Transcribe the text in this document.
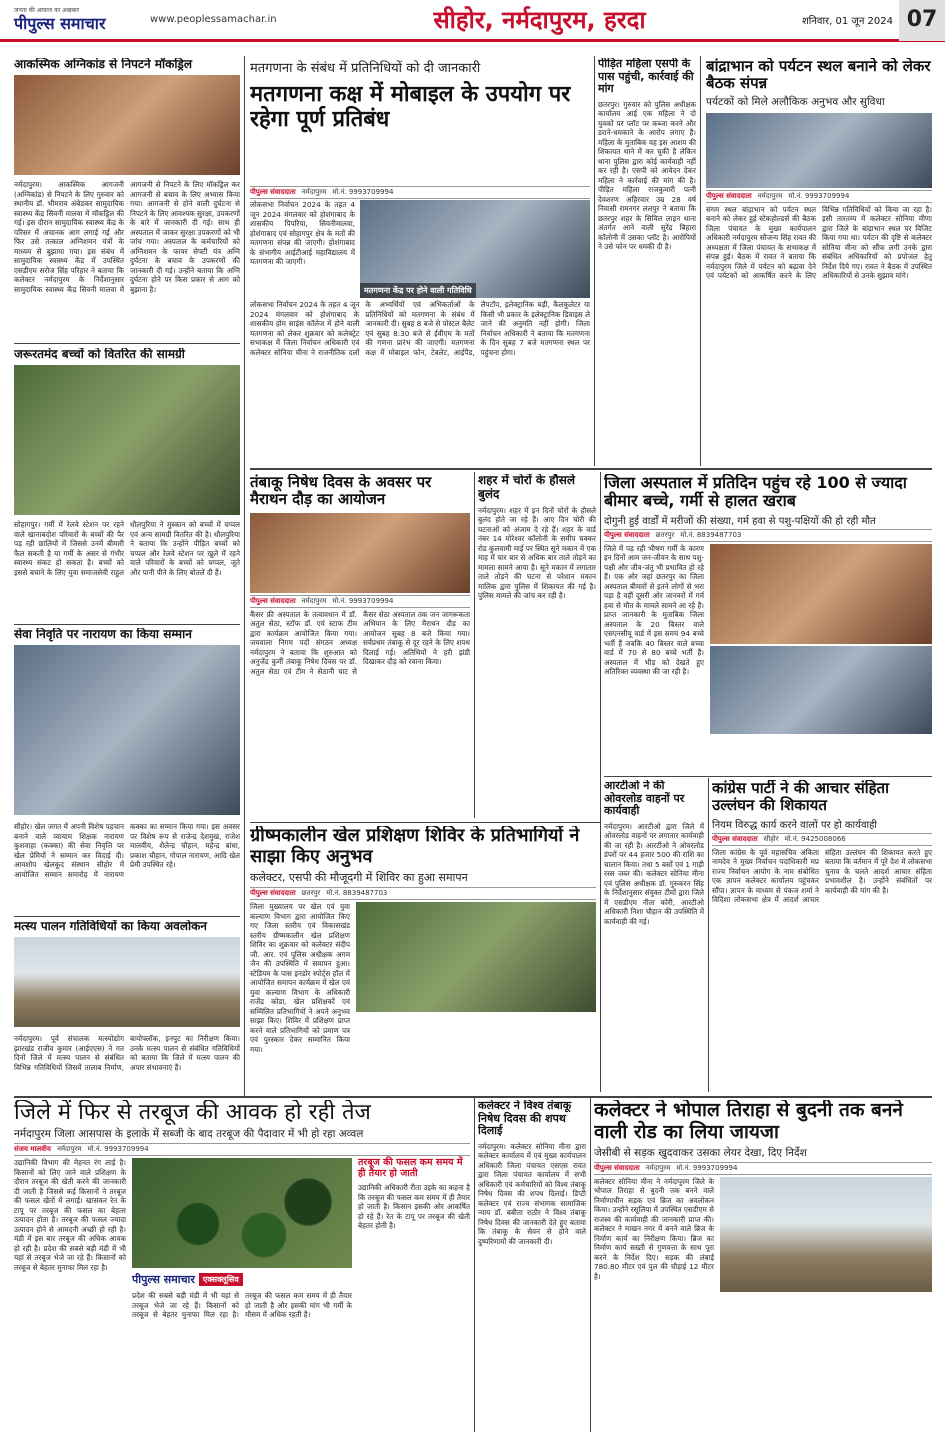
जनता की आवाज का अखबार
पीपुल्स समाचार	www.peoplessamachar.in	सीहोर, नर्मदापुरम, हरदा	शनिवार, 01 जून 2024 07
आकस्मिक अग्निकांड से निपटने मॉकड्रिल
नर्मदापुरम। आकस्मिक आगजनी (अग्निकांड) से निपटने के लिए गुरुवार को स्थानीय डॉ. भीमराव अंबेडकर सामुदायिक स्वास्थ्य केंद्र सिवनी मालवा में मॉकड्रिल की गई। इस दौरान सामुदायिक स्वास्थ्य केंद्र के परिसर में अचानक आग लगाई गई और फिर उसे तत्काल अग्निशमन यंत्रों के माध्यम से बुझाया गया। इस संबंध में सामुदायिक स्वास्थ्य केंद्र में उपस्थित एसडीएम सरोज सिंह परिहार ने बताया कि कलेक्टर नर्मदापुरम के निर्देशानुसार सामुदायिक स्वास्थ्य केंद्र सिवनी मालवा में आगजनी से निपटने के लिए मॉकड्रिल कर आगजनी से बचाव के लिए अभ्यास किया गया। आगजनी से होने वाली दुर्घटना से निपटने के लिए आवश्यक सुरक्षा, उपकरणों के बारे में जानकारी दी गई। साथ ही अस्पताल में जाकर सुरक्षा उपकरणों को भी जांच गया। अस्पताल के कर्मचारियों को अग्निशमन के फायर सेफ्टी यंत्र अग्नि दुर्घटना के बचाव के उपकरणों की जानकारी दी गई। उन्होंने बताया कि अग्नि दुर्घटना होने पर किस प्रकार से आग को बुझाना है।
जरूरतमंद बच्चों को वितरित की सामग्री
सोहागपुर। गर्मी में रेलवे स्टेशन पर रहने वाले खानाबदोश परिवारों के बच्चों की पैर पड़ रही छालियों में जिससे उनमें बीमारी फैल सकती है या गर्मी के असर से गंभीर स्वास्थ्य संकट हो सकता है। बच्चों को इससे बचाने के लिए युवा समाजसेवी राहुल धौलपुरिया ने मुस्कान को बच्चों में चप्पल एवं अन्य सामग्री वितरित की है। धौलपुरिया ने बताया कि उन्होंने पीड़ित बच्चों को चप्पल और रेलवे स्टेशन पर खुले में रहने वाले परिवारों के बच्चों को चप्पल, जूते और पानी पीने के लिए बोतलें दी हैं।
सेवा निवृति पर नारायण का किया सम्मान
सीहोर। खेल जगत में अपनी विशेष पहचान बनाने वाले व्यायाम शिक्षक नारायण कुशवाहा (कक्का) की सेवा निवृत्ति पर खेल प्रेमियों ने सम्मान कर विदाई दी। आयशोप खेलकूद संस्थान सीहोर में आयोजित सम्मान समारोह में नारायण कक्का का सम्मान किया गया। इस अवसर पर विशेष रूप से राजेन्द्र देशमुख, राजेश मालवीय, शैलेन्द्र चौहान, महेन्द्र बांधा, प्रकाश चौहान, गोपाल नारायण, आदि खेल प्रेमी उपस्थित रहे।
मत्स्य पालन गतिविधियों का किया अवलोकन
नर्मदापुरम। पूर्व संचालक मत्स्योद्योग झारखंड राजीव कुमार (आईएएस) ने गत दिनों जिले में मत्स्य पालन से संबंधित विभिन्न गतिविधियों जिसमें तालाब निर्माण, बायोफ्लॉक, इनपुट का निरीक्षण किया। उनके मत्स्य पालन से संबंधित गतिविधियों को बताया कि जिले में मत्स्य पालन की अपार संभावनाएं हैं।
मतगणना के संबंध में प्रतिनिधियों को दी जानकारी
मतगणना कक्ष में मोबाइल के उपयोग पर रहेगा पूर्ण प्रतिबंध
पीपुल्स संवाददाता नर्मदापुरम मो.नं. 9993709994
मतगणना केंद्र पर होने वाली गतिविधि
लोकसभा निर्वाचन 2024 के तहत 4 जून 2024 मंगलवार को होशंगाबाद के शासकीय होम साइंस कॉलेज में होने वाली मतगणना को लेकर शुक्रवार को कलेक्ट्रेट सभाकक्ष में जिला निर्वाचन अधिकारी एवं कलेक्टर सोनिया मीना ने राजनीतिक दलों के अभ्यर्थियों एवं अभिकर्ताओं के प्रतिनिधियों को मतगणना के संबंध में जानकारी दी। सुबह 8 बजे से पोस्टल बैलेट एवं सुबह 8:30 बजे से ईवीएम के मतों की गणना प्रारंभ की जाएगी। मतगणना कक्ष में मोबाइल फोन, टेबलेट, आईपैड, लैपटॉप, इलेक्ट्रानिक घड़ी, कैलकुलेटर या किसी भी प्रकार के इलेक्ट्रानिक डिवाइस ले जाने की अनुमति नहीं होगी। जिला निर्वाचन अधिकारी ने बताया कि मतगणना के दिन सुबह 7 बजे मतगणना स्थल पर पहुंचना होगा।
लोकसभा निर्वाचन 2024 के तहत 4 जून 2024 मंगलवार को होशंगाबाद के शासकीय पिपरिया, सिवनीमालवा, होशंगाबाद एवं सोहागपुर क्षेत्र के मतों की मतगणना संपन्न की जाएगी। होशंगाबाद के संभागीय आईटीआई महाविद्यालय में मतगणना की जाएगी।
पीड़ित महिला एसपी के पास पहुंची, कार्रवाई की मांग
छतरपुर। गुरुवार को पुलिस अधीक्षक कार्यालय आई एक महिला ने दो युवकों पर प्लॉट पर कब्जा करने और डराने-धमकाने के आरोप लगाए हैं। महिला के मुताबिक वह इस आशय की शिकायत थाने में कर चुकी है लेकिन थाना पुलिस द्वारा कोई कार्यवाही नहीं कर रही है। एसपी को आवेदन देकर महिला ने कार्रवाई की मांग की है। पीड़ित महिला राजकुमारी पत्नी देवशरण अहिरवार उम्र 28 वर्ष निवासी रामनगर ललपुर ने बताया कि छतरपुर शहर के सिविल लाइन थाना अंतर्गत आने वाली सुरेंद्र बिहारा कॉलोनी में उसका प्लॉट है। आरोपियों ने उसे फोन पर धमकी दी है।
बांद्राभान को पर्यटन स्थल बनाने को लेकर बैठक संपन्न
पर्यटकों को मिले अलौकिक अनुभव और सुविधा
पीपुल्स संवाददाता नर्मदापुरम मो.नं. 9993709994
संगम स्थल बांद्राभान को पर्यटन स्थल बनाने को लेकर हुई स्टेकहोल्डर्स की बैठक जिला पंचायत के मुख्य कार्यपालन अधिकारी नर्मदापुरम सौजन्य सिंह रावत की अध्यक्षता में जिला पंचायत के सभाकक्ष में संपन्न हुई। बैठक में रावत ने बताया कि नर्मदापुरम जिले में पर्यटन को बढ़ावा देने एवं पर्यटकों को आकर्षित करने के लिए विभिन्न गतिविधियों को किया जा रहा है। इसी तारतम्य में कलेक्टर सोनिया मीणा द्वारा जिले के बांद्राभान स्थल पर विजिट किया गया था। पर्यटन की दृष्टि से कलेक्टर सोनिया मीना को सौंफ लगी उनके द्वारा संबंधित अधिकारियों को प्रपोजल हेतु निर्देश दिये गए। रावत ने बैठक में उपस्थित अधिकारियों से उनके सुझाव मांगे।
तंबाकू निषेध दिवस के अवसर पर मैराथन दौड़ का आयोजन
पीपुल्स संवाददाता नर्मदापुरम मो.नं. 9993709994
कैंसर फ्री अस्पताल के तत्वावधान में डॉ. अतुल सेठा, स्टॉफ डॉ. एवं स्टाफ टीम द्वारा कार्यक्रम आयोजित किया गया। जयवाला निगम पदों संगठन अध्यक्ष नर्मदापुरम ने बताया कि शुरुआत को अनुजेंद्र कुर्मी तंबाकू निषेध दिवस पर डॉ. अतुल सेठा एवं टीम ने सेठानी घाट से कैंसर सेठा अस्पताल तक जन जागरूकता अभियान के लिए मैराथन दौड़ का आयोजन सुबह 8 बजे किया गया। सर्वप्रथम तंबाकू से दूर रहने के लिए शपथ दिलाई गई। अतिथियों ने हरी झंडी दिखाकर दौड़ को रवाना किया।
शहर में चोरों के हौसले बुलंद
नर्मदापुरम। शहर में इन दिनों चोरों के हौसले बुलंद होते जा रहे हैं। आए दिन चोरी की घटनाओं को अंजाम दे रहे हैं। शहर के वार्ड नंबर 14 मोरेश्वर कॉलोनी के समीप चक्कर रोड कुलवामी माई पर स्थित सूने मकान में एक माह में चार बार से अधिक बार ताले तोड़ने का मामला सामने आया है। सूने मकान में लगातार ताले तोड़ने की घटना से परेशान मकान मालिक द्वारा पुलिस में शिकायत की गई है। पुलिस मामले की जांच कर रही है।
जिला अस्पताल में प्रतिदिन पहुंच रहे 100 से ज्यादा बीमार बच्चे, गर्मी से हालत खराब
दोगुनी हुई वार्डों में मरीजों की संख्या, गर्म हवा से पशु-पक्षियों की हो रही मौत
पीपुल्स संवाददाता छतरपुर मो.नं. 8839487703
जिले में पड़ रही भीषण गर्मी के कारण इन दिनों आम जन-जीवन के साथ पशु-पक्षी और जीव-जंतु भी प्रभावित हो रहे हैं। एक ओर जहां छतरपुर का जिला अस्पताल बीमारों से इतने लोगों से भरा पड़ा है वहीं दूसरी ओर जानवरों में गर्म हवा से मौत के मामले सामने आ रहे हैं। प्राप्त जानकारी के मुताबिक जिला अस्पताल के 20 बिस्तर वाले एसएनसीयू वार्ड में इस समय 94 बच्चे भर्ती हैं जबकि 40 बिस्तर वाले बच्चा वार्ड में 70 से 80 बच्चे भर्ती हैं। अस्पताल में भीड़ को देखते हुए अतिरिक्त व्यवस्था की जा रही है।
ग्रीष्मकालीन खेल प्रशिक्षण शिविर के प्रतिभागियों ने साझा किए अनुभव
कलेक्टर, एसपी की मौजूदगी में शिविर का हुआ समापन
पीपुल्स संवाददाता छतरपुर मो.नं. 8839487703
जिला मुख्यालय पर खेल एवं युवा कल्याण विभाग द्वारा आयोजित किए गए जिला स्तरीय एवं विकासखंड स्तरीय ग्रीष्मकालीन खेल प्रशिक्षण शिविर का शुक्रवार को कलेक्टर संदीप जी. आर. एवं पुलिस अधीक्षक अगम जैन की उपस्थिति में समापन हुआ। स्टेडियम के पास इनडोर स्पोर्ट्स हॉल में आयोजित समापन कार्यक्रम में खेल एवं युवा कल्याण विभाग के अधिकारी राजेंद्र कोडा, खेल प्रशिक्षकों एवं सम्मिलित प्रतिभागियों ने अपने अनुभव साझा किए। शिविर में प्रशिक्षण प्राप्त करने वाले प्रतिभागियों को प्रमाण पत्र एवं पुरस्कार देकर सम्मानित किया गया।
आरटीओ ने की ओवरलोड वाहनों पर कार्यवाही
नर्मदापुरम। आरटीओ द्वारा जिले में ओवरलोड वाहनों पर लगातार कार्यवाही की जा रही है। आरटीओ ने ओवरलोड डंपरों पर 44 हजार 500 की राशि का चालान किया। तथा 5 बसों एवं 1 गाड़ी रस्स जब्त की। कलेक्टर सोनिया मीना एवं पुलिस अधीक्षक डॉ. गुरुकरन सिंह के निर्देशानुसार संयुक्त टीमों द्वारा जिले में एसडीएम नीता कोरी, आरटीओ अधिकारी निशा चौहान की उपस्थिति में कार्यवाही की गई।
कांग्रेस पार्टी ने की आचार संहिता उल्लंघन की शिकायत
नियम विरुद्ध कार्य करने वालों पर हो कार्यवाही
पीपुल्स संवाददाता सीहोर मो.नं. 9425008066
जिला कांग्रेस के पूर्व महासचिव अंकिता नामदेव ने मुख्य निर्वाचन पदाधिकारी मप्र राज्य निर्वाचन आयोग के नाम संबोधित एक ज्ञापन कलेक्टर कार्यालय पहुंचकर सौंपा। ज्ञापन के माध्यम से पंकज शर्मा ने विदिशा लोकसभा क्षेत्र में आदर्श आचार संहिता उल्लंघन की शिकायत करते हुए बताया कि वर्तमान में पूरे देश में लोकसभा चुनाव के चलते आदर्श आचार संहिता प्रभावशील है। उन्होंने संबंधितों पर कार्यवाही की मांग की है।
जिले में फिर से तरबूज की आवक हो रही तेज
नर्मदापुरम जिला आसपास के इलाके में सब्जी के बाद तरबूज की पैदावार में भी हो रहा अव्वल
संजय मालवीय नर्मदापुरम मो.नं. 9993709994
उद्यानिकी विभाग की मेहनत रंग लाई है। किसानों को लिए जाने वाले प्रशिक्षण के दौरान तरबूज की खेती करने की जानकारी दी जाती है जिससे कई किसानों ने तरबूज की फसल खेतों में लगाई। खासकर रेत के टापू पर तरबूज की फसल का बेहतर उत्पादन होता है। तरबूज की फसल ज्यादा उत्पादन होने से आमदनी अच्छी हो रही है। मंडी में इस बार तरबूज की अधिक आवक हो रही है। प्रदेश की सबसे बड़ी मंडी में भी यहां से तरबूज भेजे जा रहे हैं। किसानों को तरबूज से बेहतर मुनाफा मिल रहा है।
पीपुल्स समाचार	एक्सक्लूसिव
प्रदेश की सबसे बड़ी मंडी में भी यहां से तरबूज भेजे जा रहे हैं। किसानों को तरबूज से बेहतर मुनाफा मिल रहा है। तरबूज की फसल कम समय में ही तैयार हो जाती है और इसकी मांग भी गर्मी के मौसम में अधिक रहती है।
तरबूज की फसल कम समय में ही तैयार हो जाती
उद्यानिकी अधिकारी रीता उइके का कहना है कि तरबूज की फसल कम समय में ही तैयार हो जाती है। किसान इसकी ओर आकर्षित हो रहे हैं। रेत के टापू पर तरबूज की खेती बेहतर होती है।
कलेक्टर ने विश्व तंबाकू निषेध दिवस की शपथ दिलाई
नर्मदापुरम। कलेक्टर सोनिया मीना द्वारा कलेक्टर कार्यालय में एवं मुख्य कार्यपालन अधिकारी जिला पंचायत एसएस रावत द्वारा जिला पंचायत कार्यालय में सभी अधिकारी एवं कर्मचारियों को विश्व तंबाकू निषेध दिवस की शपथ दिलाई। डिप्टी कलेक्टर एवं राज्य संभागक सामाजिक न्याय डॉ. बबीता राठौर ने विश्व तंबाकू निषेध दिवस की जानकारी देते हुए बताया कि तंबाकू के सेवन से होने वाले दुष्परिणामों की जानकारी दी।
कलेक्टर ने भोपाल तिराहा से बुदनी तक बनने वाली रोड का लिया जायजा
जेसीबी से सड़क खुदवाकर उसका लेयर देखा, दिए निर्देश
पीपुल्स संवाददाता नर्मदापुरम मो.नं. 9993709994
कलेक्टर सोनिया मीना ने नर्मदापुरम जिले के भोपाल तिराहा से बुदनी तक बनने वाले निर्माणाधीन सड़क एवं ब्रिज का अवलोकन किया। उन्होंने रसूलिया में उपस्थित एसडीएम से राजस्व की कार्यवाही की जानकारी प्राप्त की। कलेक्टर ने माखन नगर में बनने वाले ब्रिज के निर्माण कार्य का निरीक्षण किया। ब्रिज का निर्माण कार्य सख्ती से गुणवत्ता के साथ पूरा करने के निर्देश दिए। सड़क की लंबाई 780.80 मीटर एवं पुल की चौड़ाई 12 मीटर है।
